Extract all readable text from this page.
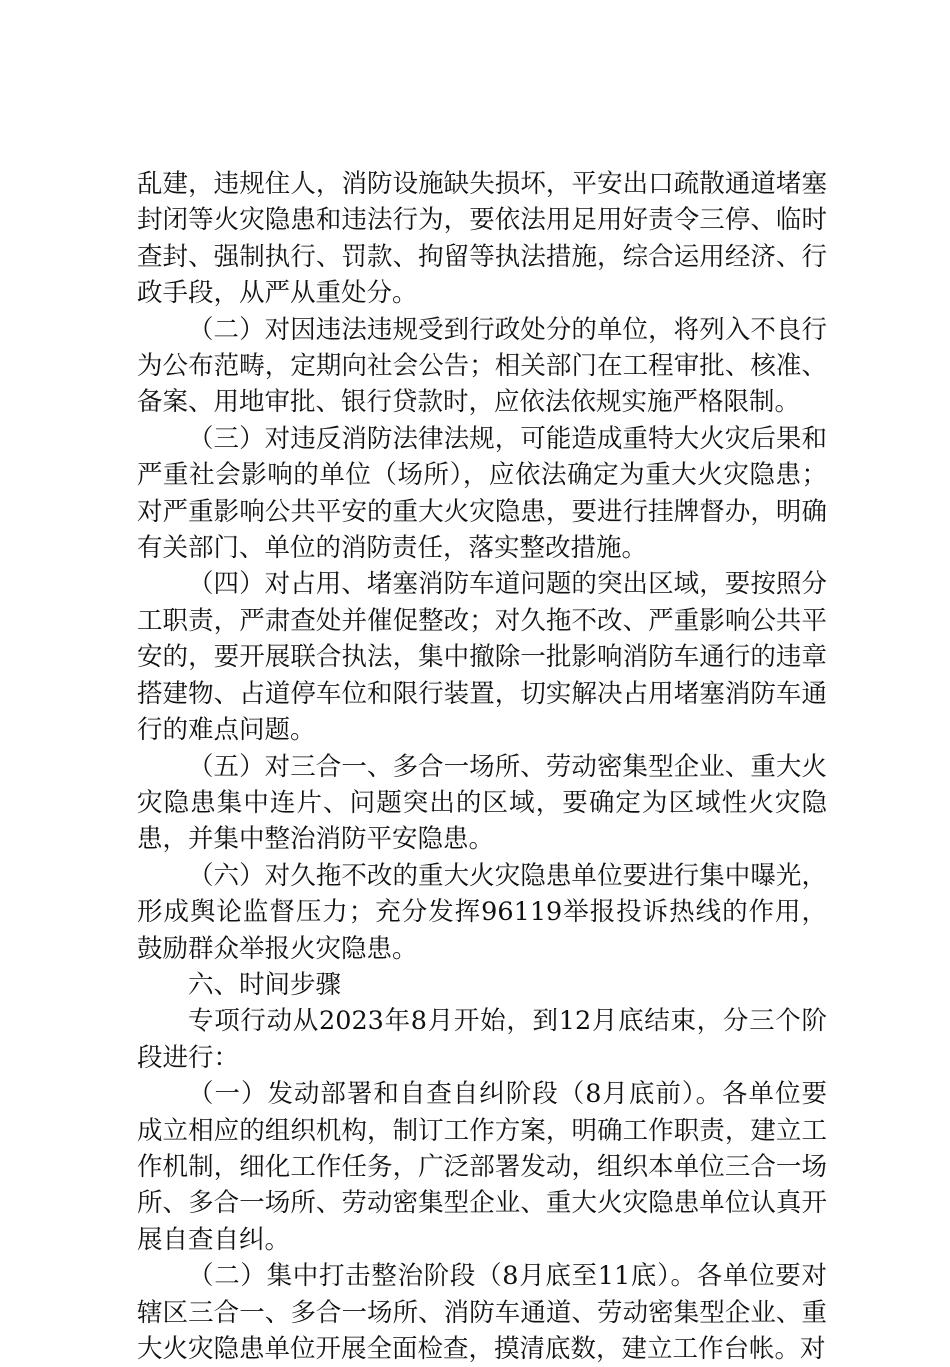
乱建，违规住人，消防设施缺失损坏，平安出口疏散通道堵塞封闭等火灾隐患和违法行为，要依法用足用好责令三停、临时查封、强制执行、罚款、拘留等执法措施，综合运用经济、行政手段，从严从重处分。

（二）对因违法违规受到行政处分的单位，将列入不良行为公布范畴，定期向社会公告；相关部门在工程审批、核准、备案、用地审批、银行贷款时，应依法依规实施严格限制。

（三）对违反消防法律法规，可能造成重特大火灾后果和严重社会影响的单位（场所），应依法确定为重大火灾隐患；对严重影响公共平安的重大火灾隐患，要进行挂牌督办，明确有关部门、单位的消防责任，落实整改措施。

（四）对占用、堵塞消防车道问题的突出区域，要按照分工职责，严肃查处并催促整改；对久拖不改、严重影响公共平安的，要开展联合执法，集中撤除一批影响消防车通行的违章搭建物、占道停车位和限行装置，切实解决占用堵塞消防车通行的难点问题。

（五）对三合一、多合一场所、劳动密集型企业、重大火灾隐患集中连片、问题突出的区域，要确定为区域性火灾隐患，并集中整治消防平安隐患。

（六）对久拖不改的重大火灾隐患单位要进行集中曝光，形成舆论监督压力；充分发挥96119举报投诉热线的作用，鼓励群众举报火灾隐患。

六、时间步骤

专项行动从2023年8月开始，到12月底结束，分三个阶段进行：

（一）发动部署和自查自纠阶段（8月底前）。各单位要成立相应的组织机构，制订工作方案，明确工作职责，建立工作机制，细化工作任务，广泛部署发动，组织本单位三合一场所、多合一场所、劳动密集型企业、重大火灾隐患单位认真开展自查自纠。

（二）集中打击整治阶段（8月底至11底）。各单位要对辖区三合一、多合一场所、消防车通道、劳动密集型企业、重大火灾隐患单位开展全面检查，摸清底数，建立工作台帐。对
